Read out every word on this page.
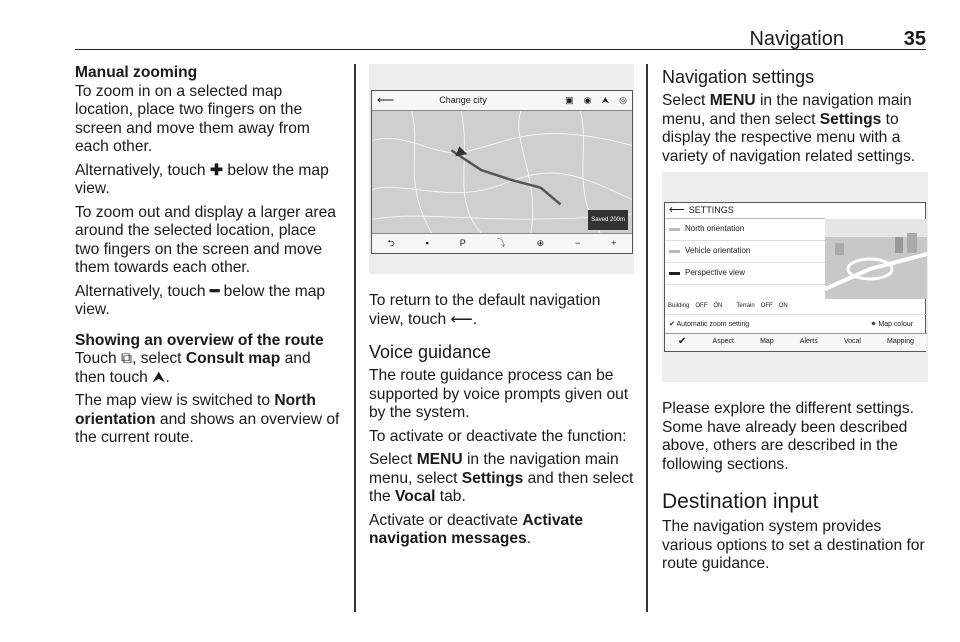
Navigation	35
Manual zooming

To zoom in on a selected map location, place two fingers on the screen and move them away from each other.

Alternatively, touch ✚ below the map view.

To zoom out and display a larger area around the selected location, place two fingers on the screen and move them towards each other.

Alternatively, touch ━ below the map view.

Showing an overview of the route

Touch ⧉, select Consult map and then touch ⮝.

The map view is switched to North orientation and shows an overview of the current route.

⟵	Change city	▣	◉	⮝	◎
Saved 200m
⮌	▪	P	⤵	⊕	−	+

To return to the default navigation view, touch ⟵.

Voice guidance

The route guidance process can be supported by voice prompts given out by the system.

To activate or deactivate the function:

Select MENU in the navigation main menu, select Settings and then select the Vocal tab.

Activate or deactivate Activate navigation messages.

Navigation settings

Select MENU in the navigation main menu, and then select Settings to display the respective menu with a variety of navigation related settings.

⟵ SETTINGS
North orientation
Vehicle orientation
Perspective view
Building OFF ON Terrain OFF ON
✔ Automatic zoom setting	✷ Map colour
✔	Aspect	Map	Alerts	Vocal	Mapping

Please explore the different settings. Some have already been described above, others are described in the following sections.

Destination input

The navigation system provides various options to set a destination for route guidance.
